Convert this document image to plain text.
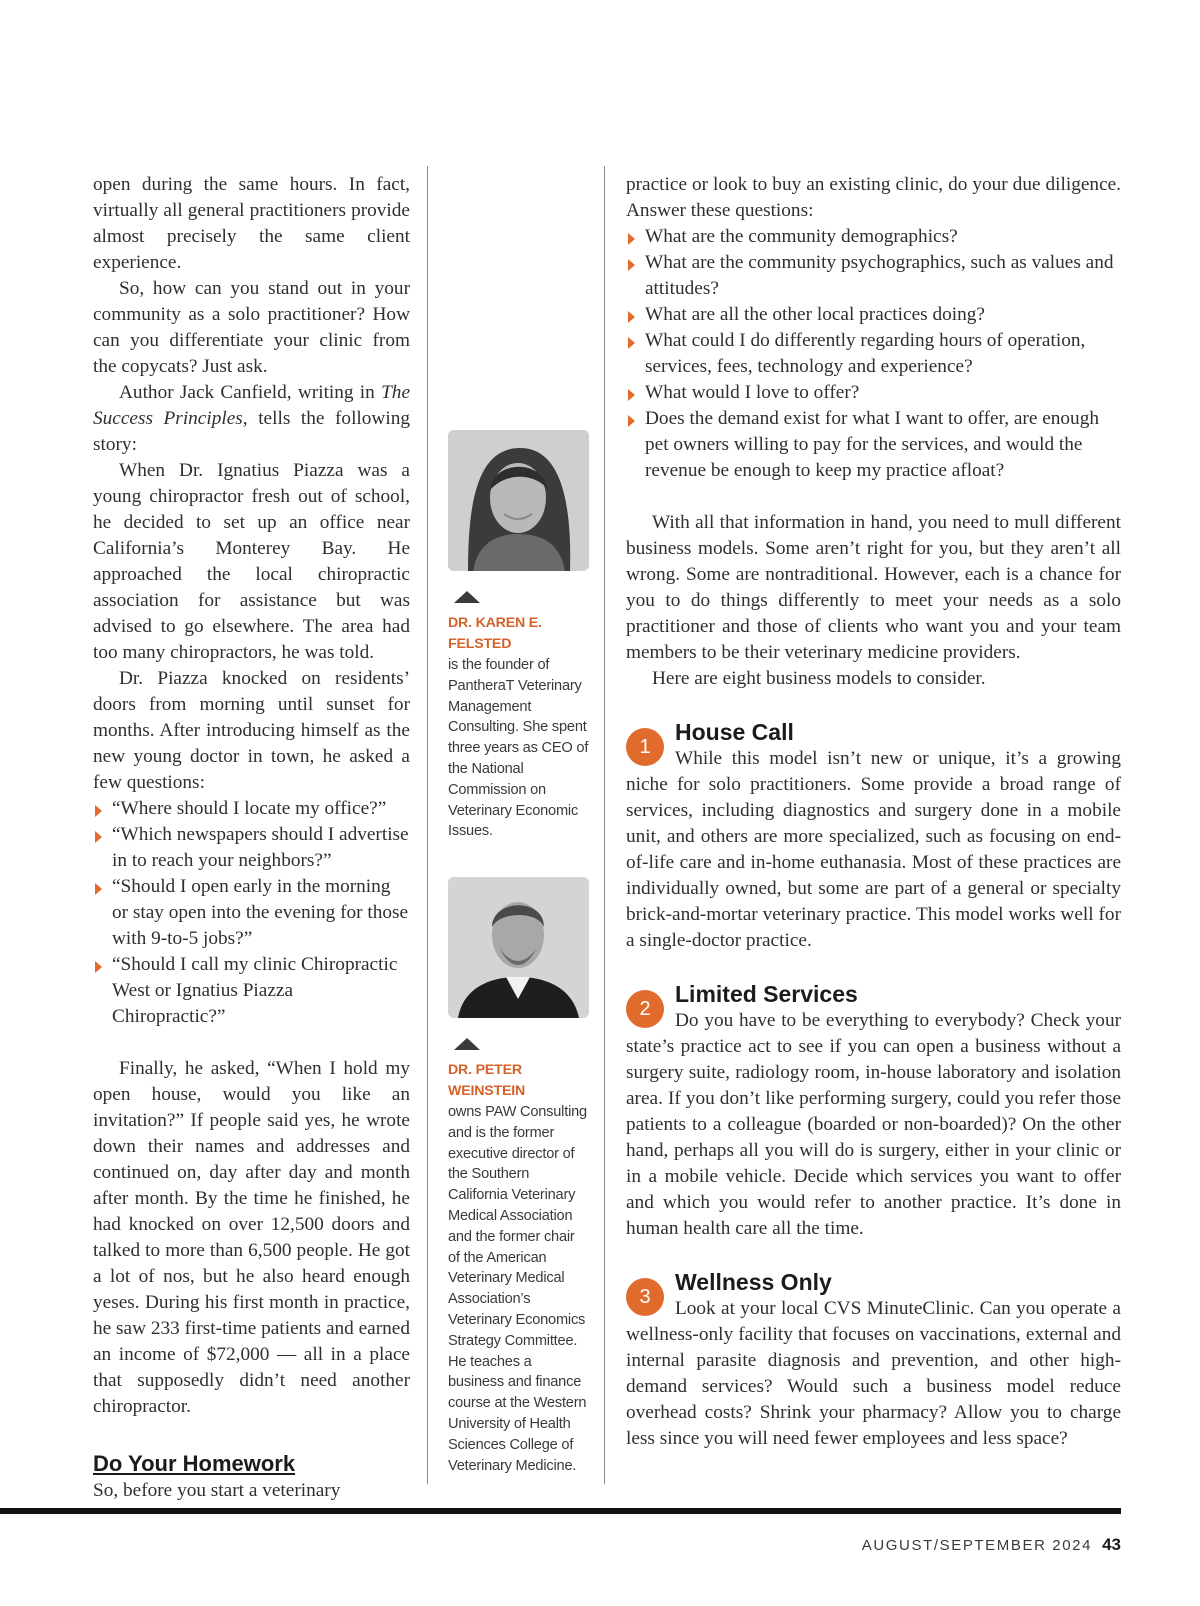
open during the same hours. In fact, virtually all general practitioners provide almost precisely the same client experience.

So, how can you stand out in your community as a solo practitioner? How can you differentiate your clinic from the copycats? Just ask.

Author Jack Canfield, writing in The Success Principles, tells the following story:

When Dr. Ignatius Piazza was a young chiropractor fresh out of school, he decided to set up an office near California’s Monterey Bay. He approached the local chiropractic association for assistance but was advised to go elsewhere. The area had too many chiropractors, he was told.

Dr. Piazza knocked on residents’ doors from morning until sunset for months. After introducing himself as the new young doctor in town, he asked a few questions:

“Where should I locate my office?”
“Which newspapers should I advertise in to reach your neighbors?”
“Should I open early in the morning or stay open into the evening for those with 9-to-5 jobs?”
“Should I call my clinic Chiropractic West or Ignatius Piazza Chiropractic?”

Finally, he asked, “When I hold my open house, would you like an invitation?” If people said yes, he wrote down their names and addresses and continued on, day after day and month after month. By the time he finished, he had knocked on over 12,500 doors and talked to more than 6,500 people. He got a lot of nos, but he also heard enough yeses. During his first month in practice, he saw 233 first-time patients and earned an income of $72,000 — all in a place that supposedly didn’t need another chiropractor.

Do Your Homework

So, before you start a veterinary

DR. KAREN E. FELSTED
is the founder of PantheraT Veterinary Management Consulting. She spent three years as CEO of the National Commission on Veterinary Economic Issues.
DR. PETER WEINSTEIN
owns PAW Consulting and is the former executive director of the Southern California Veterinary Medical Association and the former chair of the American Veterinary Medical Association’s Veterinary Economics Strategy Committee. He teaches a business and finance course at the Western University of Health Sciences College of Veterinary Medicine.

practice or look to buy an existing clinic, do your due diligence. Answer these questions:

What are the community demographics?
What are the community psychographics, such as values and attitudes?
What are all the other local practices doing?
What could I do differently regarding hours of operation, services, fees, technology and experience?
What would I love to offer?
Does the demand exist for what I want to offer, are enough pet owners willing to pay for the services, and would the revenue be enough to keep my practice afloat?

With all that information in hand, you need to mull different business models. Some aren’t right for you, but they aren’t all wrong. Some are nontraditional. However, each is a chance for you to do things differently to meet your needs as a solo practitioner and those of clients who want you and your team members to be their veterinary medicine providers.

Here are eight business models to consider.

1
House Call

While this model isn’t new or unique, it’s a growing niche for solo practitioners. Some provide a broad range of services, including diagnostics and surgery done in a mobile unit, and others are more specialized, such as focusing on end-of-life care and in-home euthanasia. Most of these practices are individually owned, but some are part of a general or specialty brick-and-mortar veterinary practice. This model works well for a single-doctor practice.

2
Limited Services

Do you have to be everything to everybody? Check your state’s practice act to see if you can open a business without a surgery suite, radiology room, in-house laboratory and isolation area. If you don’t like performing surgery, could you refer those patients to a colleague (boarded or non-boarded)? On the other hand, perhaps all you will do is surgery, either in your clinic or in a mobile vehicle. Decide which services you want to offer and which you would refer to another practice. It’s done in human health care all the time.

3
Wellness Only

Look at your local CVS MinuteClinic. Can you operate a wellness-only facility that focuses on vaccinations, external and internal parasite diagnosis and prevention, and other high-demand services? Would such a business model reduce overhead costs? Shrink your pharmacy? Allow you to charge less since you will need fewer employees and less space?

AUGUST/SEPTEMBER 2024 43
